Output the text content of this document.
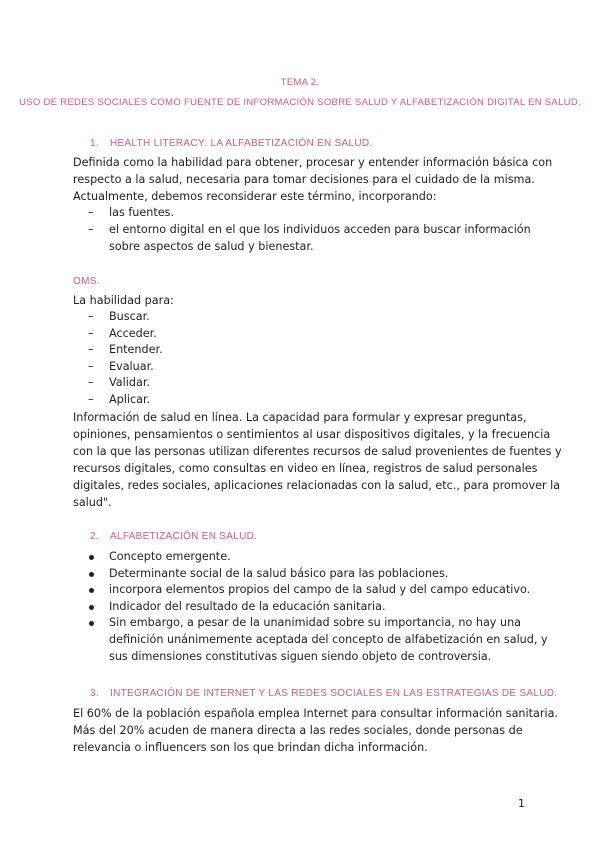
TEMA 2.
USO DE REDES SOCIALES COMO FUENTE DE INFORMACIÓN SOBRE SALUD Y ALFABETIZACIÓN DIGITAL EN SALUD.
1. HEALTH LITERACY: LA ALFABETIZACIÓN EN SALUD.
Definida como la habilidad para obtener, procesar y entender información básica con
respecto a la salud, necesaria para tomar decisiones para el cuidado de la misma.
Actualmente, debemos reconsiderar este término, incorporando:
– las fuentes.
– el entorno digital en el que los individuos acceden para buscar información
sobre aspectos de salud y bienestar.
OMS.
La habilidad para:
– Buscar.
– Acceder.
– Entender.
– Evaluar.
– Validar.
– Aplicar.
Información de salud en línea. La capacidad para formular y expresar preguntas,
opiniones, pensamientos o sentimientos al usar dispositivos digitales, y la frecuencia
con la que las personas utilizan diferentes recursos de salud provenientes de fuentes y
recursos digitales, como consultas en video en línea, registros de salud personales
digitales, redes sociales, aplicaciones relacionadas con la salud, etc., para promover la
salud".
2. ALFABETIZACIÓN EN SALUD.
Concepto emergente.
Determinante social de la salud básico para las poblaciones.
incorpora elementos propios del campo de la salud y del campo educativo.
Indicador del resultado de la educación sanitaria.
Sin embargo, a pesar de la unanimidad sobre su importancia, no hay una
definición unánimemente aceptada del concepto de alfabetización en salud, y
sus dimensiones constitutivas siguen siendo objeto de controversia.
3. INTEGRACIÓN DE INTERNET Y LAS REDES SOCIALES EN LAS ESTRATEGIAS DE SALUD.
El 60% de la población española emplea Internet para consultar información sanitaria.
Más del 20% acuden de manera directa a las redes sociales, donde personas de
relevancia o influencers son los que brindan dicha información.
1
